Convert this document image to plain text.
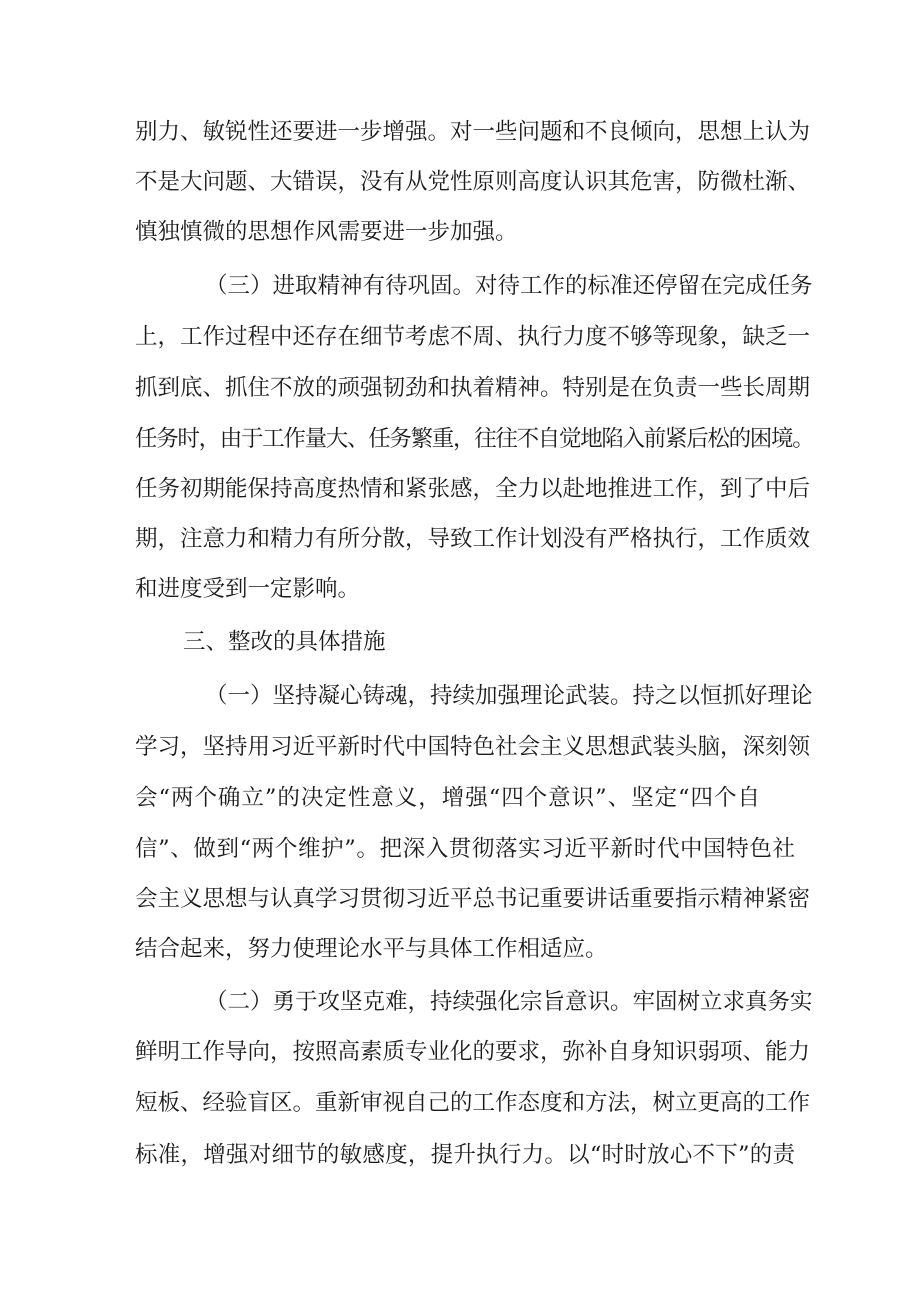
别力、敏锐性还要进一步增强。对一些问题和不良倾向，思想上认为
不是大问题、大错误，没有从党性原则高度认识其危害，防微杜渐、
慎独慎微的思想作风需要进一步加强。
（三）进取精神有待巩固。对待工作的标准还停留在完成任务
上，工作过程中还存在细节考虑不周、执行力度不够等现象，缺乏一
抓到底、抓住不放的顽强韧劲和执着精神。特别是在负责一些长周期
任务时，由于工作量大、任务繁重，往往不自觉地陷入前紧后松的困境。
任务初期能保持高度热情和紧张感，全力以赴地推进工作，到了中后
期，注意力和精力有所分散，导致工作计划没有严格执行，工作质效
和进度受到一定影响。
三、整改的具体措施
（一）坚持凝心铸魂，持续加强理论武装。持之以恒抓好理论
学习，坚持用习近平新时代中国特色社会主义思想武装头脑，深刻领
会“两个确立”的决定性意义，增强“四个意识”、坚定“四个自
信”、做到“两个维护”。把深入贯彻落实习近平新时代中国特色社
会主义思想与认真学习贯彻习近平总书记重要讲话重要指示精神紧密
结合起来，努力使理论水平与具体工作相适应。
（二）勇于攻坚克难，持续强化宗旨意识。牢固树立求真务实
鲜明工作导向，按照高素质专业化的要求，弥补自身知识弱项、能力
短板、经验盲区。重新审视自己的工作态度和方法，树立更高的工作
标准，增强对细节的敏感度，提升执行力。以“时时放心不下”的责
